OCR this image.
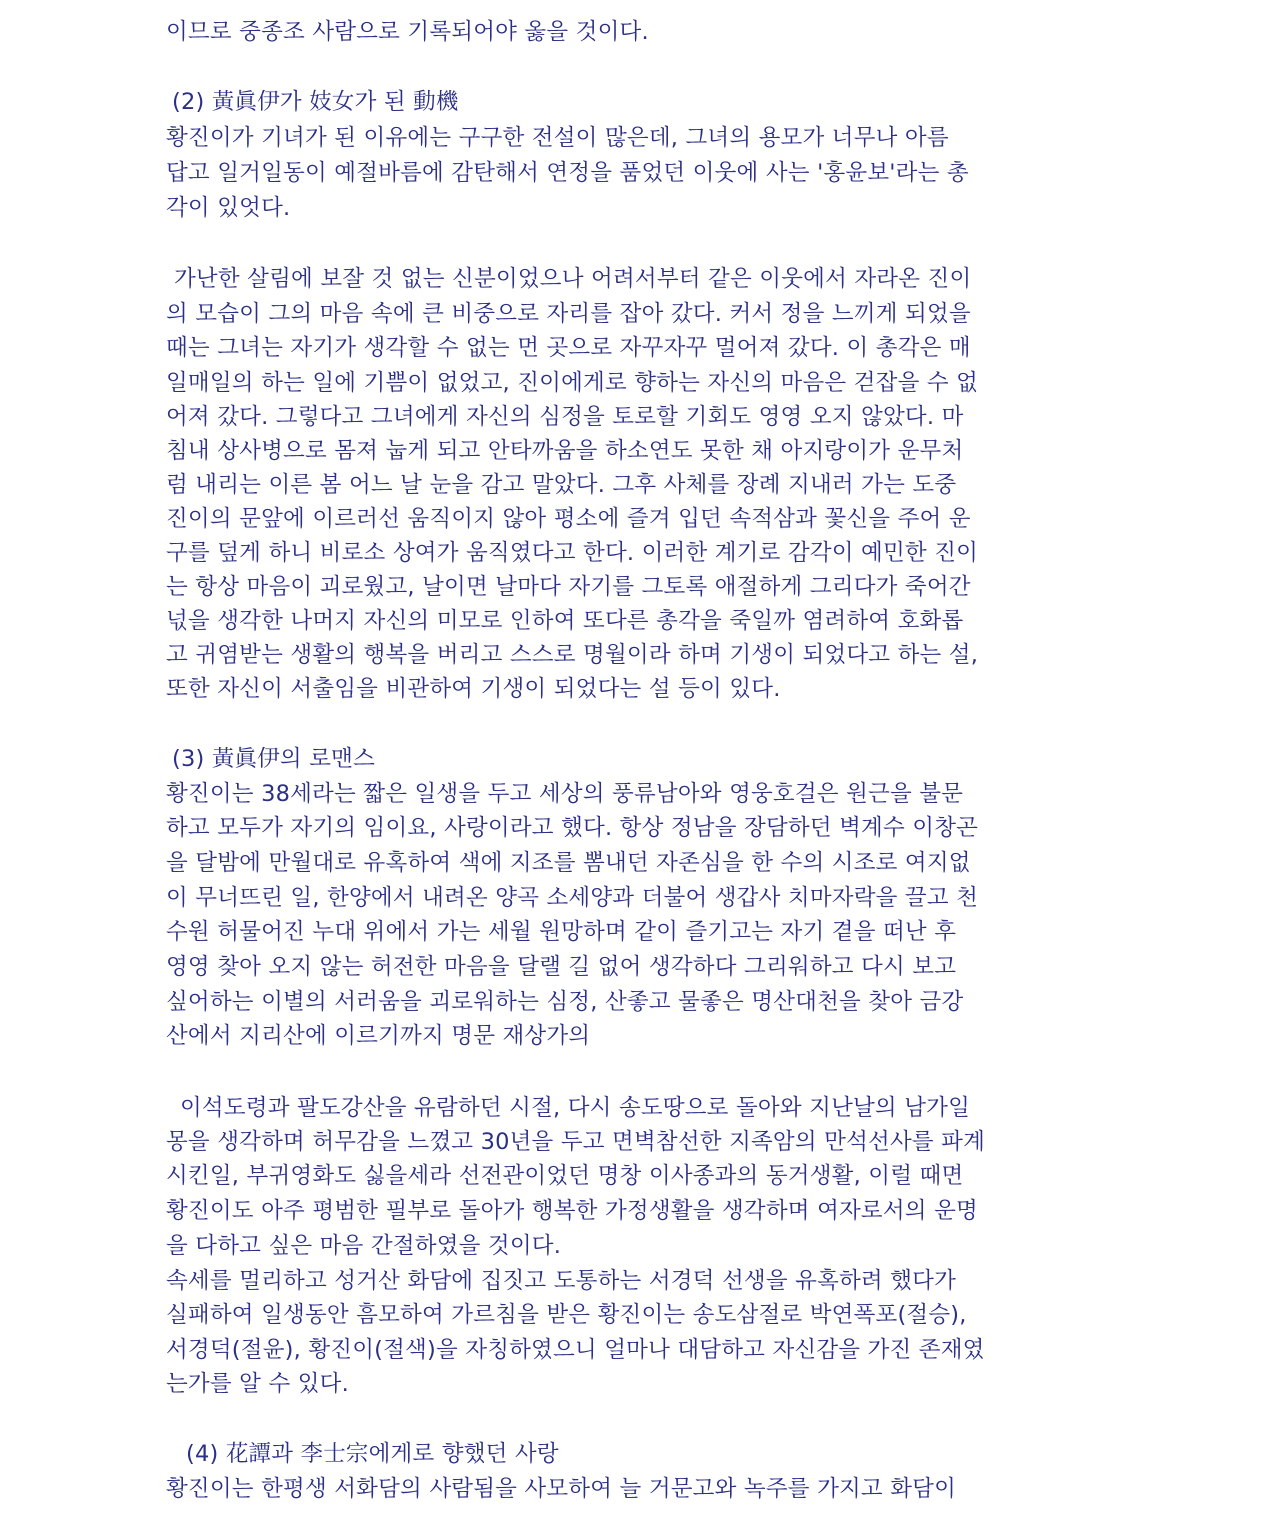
이므로 중종조 사람으로 기록되어야 옳을 것이다.
(2) 黃眞伊가 妓女가 된 動機
황진이가 기녀가 된 이유에는 구구한 전설이 많은데, 그녀의 용모가 너무나 아름
답고 일거일동이 예절바름에 감탄해서 연정을 품었던 이웃에 사는 '홍윤보'라는 총
각이 있엇다.
가난한 살림에 보잘 것 없는 신분이었으나 어려서부터 같은 이웃에서 자라온 진이
의 모습이 그의 마음 속에 큰 비중으로 자리를 잡아 갔다. 커서 정을 느끼게 되었을
때는 그녀는 자기가 생각할 수 없는 먼 곳으로 자꾸자꾸 멀어져 갔다. 이 총각은 매
일매일의 하는 일에 기쁨이 없었고, 진이에게로 향하는 자신의 마음은 걷잡을 수 없
어져 갔다. 그렇다고 그녀에게 자신의 심정을 토로할 기회도 영영 오지 않았다. 마
침내 상사병으로 몸져 눕게 되고 안타까움을 하소연도 못한 채 아지랑이가 운무처
럼 내리는 이른 봄 어느 날 눈을 감고 말았다. 그후 사체를 장례 지내러 가는 도중
진이의 문앞에 이르러선 움직이지 않아 평소에 즐겨 입던 속적삼과 꽃신을 주어 운
구를 덮게 하니 비로소 상여가 움직였다고 한다. 이러한 계기로 감각이 예민한 진이
는 항상 마음이 괴로웠고, 날이면 날마다 자기를 그토록 애절하게 그리다가 죽어간
넋을 생각한 나머지 자신의 미모로 인하여 또다른 총각을 죽일까 염려하여 호화롭
고 귀염받는 생활의 행복을 버리고 스스로 명월이라 하며 기생이 되었다고 하는 설,
또한 자신이 서출임을 비관하여 기생이 되었다는 설 등이 있다.
(3) 黃眞伊의 로맨스
황진이는 38세라는 짧은 일생을 두고 세상의 풍류남아와 영웅호걸은 원근을 불문
하고 모두가 자기의 임이요, 사랑이라고 했다. 항상 정남을 장담하던 벽계수 이창곤
을 달밤에 만월대로 유혹하여 색에 지조를 뽐내던 자존심을 한 수의 시조로 여지없
이 무너뜨린 일, 한양에서 내려온 양곡 소세양과 더불어 생갑사 치마자락을 끌고 천
수원 허물어진 누대 위에서 가는 세월 원망하며 같이 즐기고는 자기 곁을 떠난 후
영영 찾아 오지 않는 허전한 마음을 달랠 길 없어 생각하다 그리워하고 다시 보고
싶어하는 이별의 서러움을 괴로워하는 심정, 산좋고 물좋은 명산대천을 찾아 금강
산에서 지리산에 이르기까지 명문 재상가의
이석도령과 팔도강산을 유람하던 시절, 다시 송도땅으로 돌아와 지난날의 남가일
몽을 생각하며 허무감을 느꼈고 30년을 두고 면벽참선한 지족암의 만석선사를 파계
시킨일, 부귀영화도 싫을세라 선전관이었던 명창 이사종과의 동거생활, 이럴 때면
황진이도 아주 평범한 필부로 돌아가 행복한 가정생활을 생각하며 여자로서의 운명
을 다하고 싶은 마음 간절하였을 것이다.
속세를 멀리하고 성거산 화담에 집짓고 도통하는 서경덕 선생을 유혹하려 했다가
실패하여 일생동안 흠모하여 가르침을 받은 황진이는 송도삼절로 박연폭포(절승),
서경덕(절윤), 황진이(절색)을 자칭하였으니 얼마나 대담하고 자신감을 가진 존재였
는가를 알 수 있다.
(4) 花譚과 李士宗에게로 향했던 사랑
황진이는 한평생 서화담의 사람됨을 사모하여 늘 거문고와 녹주를 가지고 화담이
